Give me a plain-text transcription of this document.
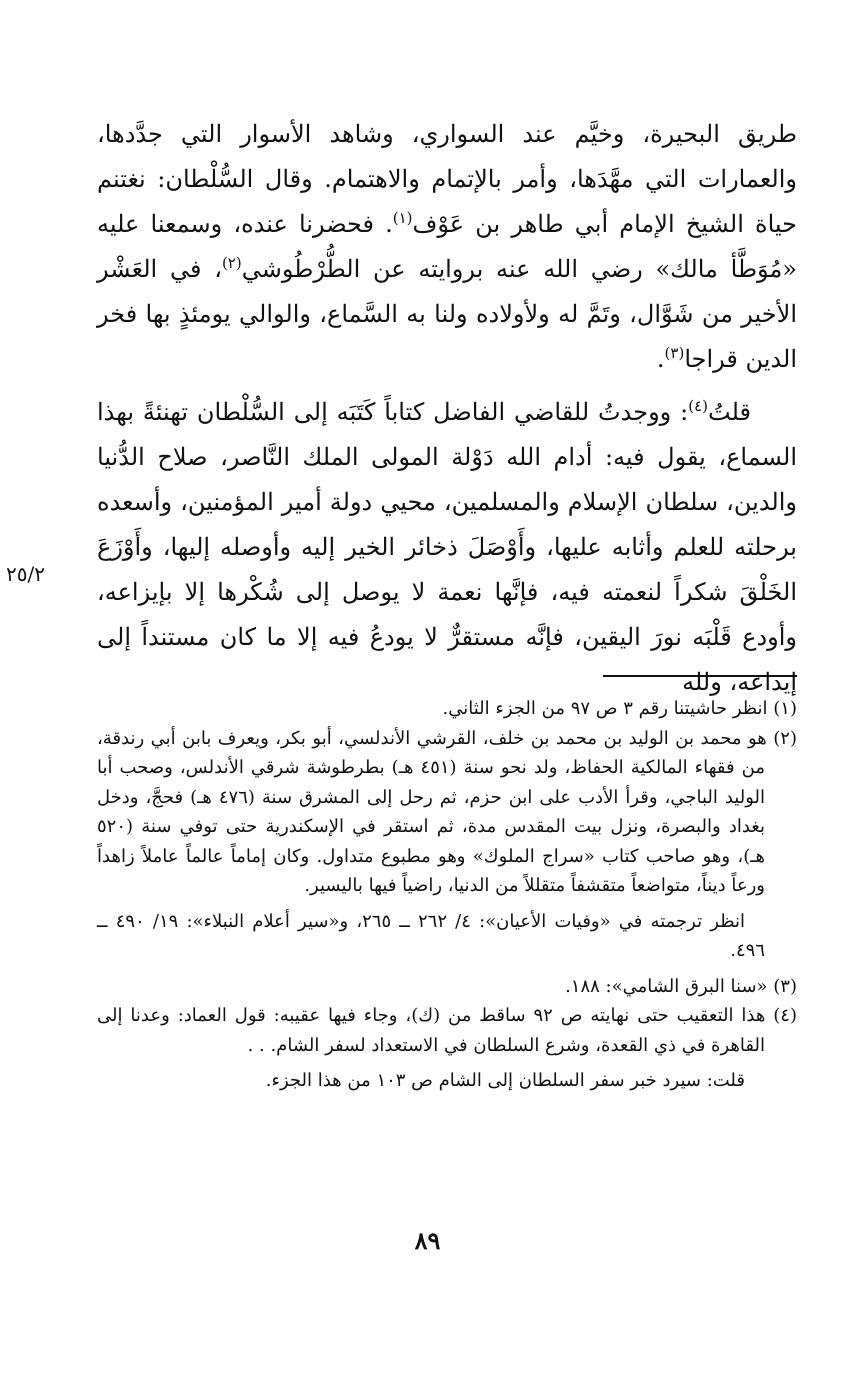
طريق البحيرة، وخيَّم عند السواري، وشاهد الأسوار التي جدَّدها، والعمارات التي مهَّدَها، وأمر بالإتمام والاهتمام. وقال السُّلْطان: نغتنم حياة الشيخ الإمام أبي طاهر بن عَوْف$^{(١)}$. فحضرنا عنده، وسمعنا عليه «مُوَطَّأ مالك» رضي الله عنه بروايته عن الطُّرْطُوشي$^{(٢)}$، في العَشْر الأخير من شَوَّال، وتَمَّ له ولأولاده ولنا به السَّماع، والوالي يومئذٍ بها فخر الدين قراجا$^{(٣)}$.

قلتُ$^{(٤)}$: ووجدتُ للقاضي الفاضل كتاباً كَتَبَه إلى السُّلْطان تهنئةً بهذا السماع، يقول فيه: أدام الله دَوْلة المولى الملك النَّاصر، صلاح الدُّنيا والدين، سلطان الإسلام والمسلمين، محيي دولة أمير المؤمنين، وأسعده برحلته للعلم وأثابه عليها، وأَوْصَلَ ذخائر الخير إليه وأوصله إليها، وأَوْزَعَ الخَلْقَ شكراً لنعمته فيه، فإنَّها نعمة لا يوصل إلى شُكْرها إلا بإيزاعه، وأودع قَلْبَه نورَ اليقين، فإنَّه مستقرٌّ لا يودعُ فيه إلا ما كان مستنداً إلى إيداعه، ولله

٢٥/٢

(١) انظر حاشيتنا رقم ٣ ص ٩٧ من الجزء الثاني.

(٢) هو محمد بن الوليد بن محمد بن خلف، القرشي الأندلسي، أبو بكر، ويعرف بابن أبي رندقة، من فقهاء المالكية الحفاظ، ولد نحو سنة (٤٥١ هـ) بطرطوشة شرقي الأندلس، وصحب أبا الوليد الباجي، وقرأ الأدب على ابن حزم، ثم رحل إلى المشرق سنة (٤٧٦ هـ) فحجَّ، ودخل بغداد والبصرة، ونزل بيت المقدس مدة، ثم استقر في الإسكندرية حتى توفي سنة (٥٢٠ هـ)، وهو صاحب كتاب «سراج الملوك» وهو مطبوع متداول. وكان إماماً عالماً عاملاً زاهداً ورعاً ديناً، متواضعاً متقشفاً متقللاً من الدنيا، راضياً فيها باليسير.

انظر ترجمته في «وفيات الأعيان»: ٤/ ٢٦٢ ــ ٢٦٥، و«سير أعلام النبلاء»: ١٩/ ٤٩٠ ــ ٤٩٦.

(٣) «سنا البرق الشامي»: ١٨٨.

(٤) هذا التعقيب حتى نهايته ص ٩٢ ساقط من (ك)، وجاء فيها عقيبه: قول العماد: وعدنا إلى القاهرة في ذي القعدة، وشرع السلطان في الاستعداد لسفر الشام. . .

قلت: سيرد خبر سفر السلطان إلى الشام ص ١٠٣ من هذا الجزء.

٨٩
